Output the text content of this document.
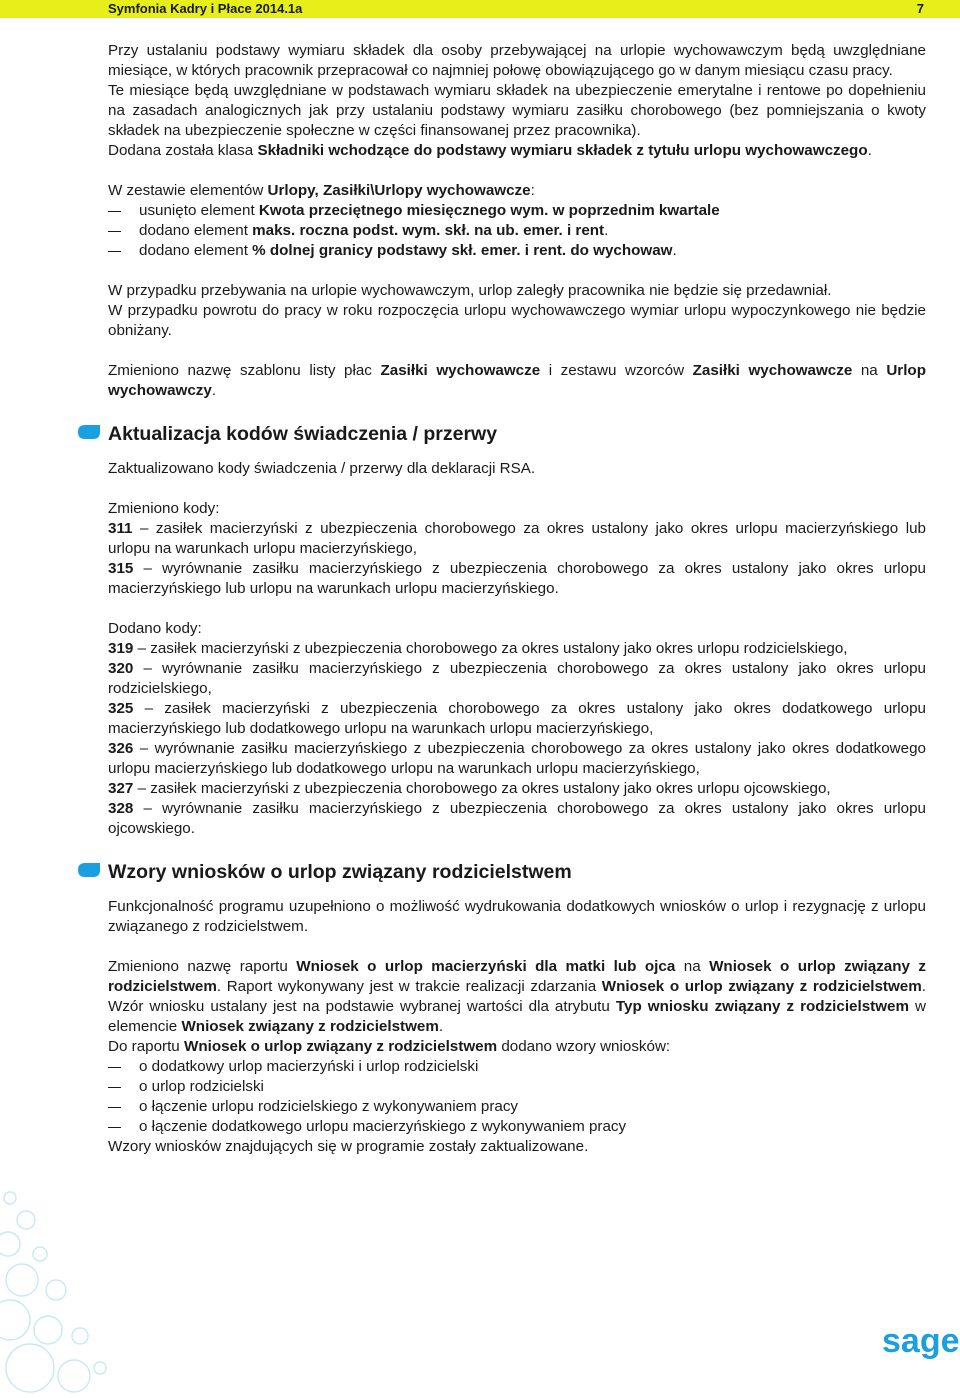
Symfonia Kadry i Płace 2014.1a	7

Przy ustalaniu podstawy wymiaru składek dla osoby przebywającej na urlopie wychowawczym będą uwzględniane miesiące, w których pracownik przepracował co najmniej połowę obowiązującego go w danym miesiącu czasu pracy.

Te miesiące będą uwzględniane w podstawach wymiaru składek na ubezpieczenie emerytalne i rentowe po dopełnieniu na zasadach analogicznych jak przy ustalaniu podstawy wymiaru zasiłku chorobowego (bez pomniejszania o kwoty składek na ubezpieczenie społeczne w części finansowanej przez pracownika).

Dodana została klasa Składniki wchodzące do podstawy wymiaru składek z tytułu urlopu wychowawczego.

W zestawie elementów Urlopy, Zasiłki\Urlopy wychowawcze:

usunięto element Kwota przeciętnego miesięcznego wym. w poprzednim kwartale
dodano element maks. roczna podst. wym. skł. na ub. emer. i rent.
dodano element % dolnej granicy podstawy skł. emer. i rent. do wychowaw.

W przypadku przebywania na urlopie wychowawczym, urlop zaległy pracownika nie będzie się przedawniał.

W przypadku powrotu do pracy w roku rozpoczęcia urlopu wychowawczego wymiar urlopu wypoczynkowego nie będzie obniżany.

Zmieniono nazwę szablonu listy płac Zasiłki wychowawcze i zestawu wzorców Zasiłki wychowawcze na Urlop wychowawczy.

Aktualizacja kodów świadczenia / przerwy

Zaktualizowano kody świadczenia / przerwy dla deklaracji RSA.

Zmieniono kody:

311 – zasiłek macierzyński z ubezpieczenia chorobowego za okres ustalony jako okres urlopu macierzyńskiego lub urlopu na warunkach urlopu macierzyńskiego,

315 – wyrównanie zasiłku macierzyńskiego z ubezpieczenia chorobowego za okres ustalony jako okres urlopu macierzyńskiego lub urlopu na warunkach urlopu macierzyńskiego.

Dodano kody:

319 – zasiłek macierzyński z ubezpieczenia chorobowego za okres ustalony jako okres urlopu rodzicielskiego,

320 – wyrównanie zasiłku macierzyńskiego z ubezpieczenia chorobowego za okres ustalony jako okres urlopu rodzicielskiego,

325 – zasiłek macierzyński z ubezpieczenia chorobowego za okres ustalony jako okres dodatkowego urlopu macierzyńskiego lub dodatkowego urlopu na warunkach urlopu macierzyńskiego,

326 – wyrównanie zasiłku macierzyńskiego z ubezpieczenia chorobowego za okres ustalony jako okres dodatkowego urlopu macierzyńskiego lub dodatkowego urlopu na warunkach urlopu macierzyńskiego,

327 – zasiłek macierzyński z ubezpieczenia chorobowego za okres ustalony jako okres urlopu ojcowskiego,

328 – wyrównanie zasiłku macierzyńskiego z ubezpieczenia chorobowego za okres ustalony jako okres urlopu ojcowskiego.

Wzory wniosków o urlop związany rodzicielstwem

Funkcjonalność programu uzupełniono o możliwość wydrukowania dodatkowych wniosków o urlop i rezygnację z urlopu związanego z rodzicielstwem.

Zmieniono nazwę raportu Wniosek o urlop macierzyński dla matki lub ojca na Wniosek o urlop związany z rodzicielstwem. Raport wykonywany jest w trakcie realizacji zdarzania Wniosek o urlop związany z rodzicielstwem. Wzór wniosku ustalany jest na podstawie wybranej wartości dla atrybutu Typ wniosku związany z rodzicielstwem w elemencie Wniosek związany z rodzicielstwem.

Do raportu Wniosek o urlop związany z rodzicielstwem dodano wzory wniosków:

o dodatkowy urlop macierzyński i urlop rodzicielski
o urlop rodzicielski
o łączenie urlopu rodzicielskiego z wykonywaniem pracy
o łączenie dodatkowego urlopu macierzyńskiego z wykonywaniem pracy

Wzory wniosków znajdujących się w programie zostały zaktualizowane.

sage
